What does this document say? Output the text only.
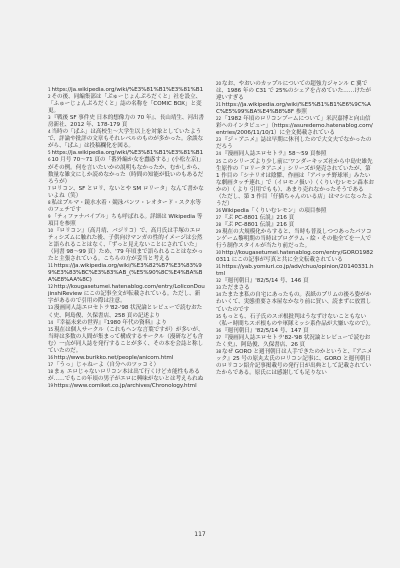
$^1$https://ja.wikipedia.org/wiki/%E3%81%B1%E3%81%B1

$^2$その後、同編集部は「ぷゅーじょんぷろだくと」社を設立、「ふゅーじょんぷろだくと」誌の名称を「COMIC BOX」と変更。

$^3$『戦後 SF 事件史 日本的想像力の 70 年』、長山靖生、河出書房新社、2012 年、178-179 頁

$^4$当時の「ぱふ」は高校生～大学生以上を対象としていたようで、評論や批評の文章もそれレベルのものが多かった。余談ながら、「ぱふ」は投稿欄化を図る。

$^5$https://ja.wikipedia.org/wiki/%E3%81%B1%E3%81%B1

$^6$10 月号 70〜71 頁の「番外編か女を蠢惑する」(小松左京)」がその例。何を言いたいかの説明もなかったか、むかしから、数量な雑文にしか読めなかった（時間の知能が低いのもあるだろうが）

$^7$ロリコン、SF とロリ、ないとや SM ロリータ」なんて書かないよね（笑）

$^8$私はプルマ・鏡水水着・競泳パンツ・レオタード・スク水等のフェチです

$^9$「ティファナバイブル」ちも呼ばれる。詳細は Wikipedia 等項目を参照

$^{10}$『ロリコン』（高月靖、バジリコ）で、高月氏は手塚のエロティシズムに触れた後、子供向けマンガの性的イメージは公然と語られることはなく、「ずっと見えないことにされていた」（同書 98〜99 頁）ため、'79 年頃まで語られることはなかったと主張されている。こちらの方が妥当と考える

$^{11}$https://ja.wikipedia.org/wiki/%E3%82%B7%E3%83%99%E3%83%BC%E3%83%AB_(%E5%90%8C%E4%BA%BA%E8%AA%8C)

$^{12}$http://kougasetumei.hatenablog.com/entry/LoliconDoujinshiReview にこの記事全文が転載されている。ただし、新字があるので引用の際は注意。

$^{13}$漫画同人誌エロセトラ'82-'98 状況論とレビューで読むおたく史、阿島俊、久保書店、258 頁の記述より

$^{14}$『幸福未来の世界』『1980 年代の資料』より

$^{15}$現在は個人サークル（これもヘンな言葉ですが）が多いが、当時は多数の人間が集まって構成するサークル（漫研なども含む）一点が同人誌を発行することが多く、その本を会誌と称していたのだ。

$^{16}$http://www.burikko.net/people/anicom.html

$^{17}$「うっ」じゃねーよ（自分へのツッコミ）

$^{18}$まぁ エロじゃないロリコン本は出て行くけどカ能性もあるが……でもこの年頃の男子がエロに興味がないとは考えられぬ

$^{19}$https://www.comiket.co.jp/archives/Chronology.html

$^{20}$なお、やおいのカップルについての超強力ジャンル C 翼では、1986 年の C31 で 25%のシェアを占めていた……けたが違いすぎる

$^{21}$https://ja.wikipedia.org/wiki/%E5%B1%B1%E6%9C%AC%E5%99%BA%E4%B8%8F 参照

$^{22}$「1982 年頃のロリコンブームについて」米沢嘉博と向山信彩へのインタビュー」（https://asuredemo.hatenablog.com/entries/2006/11/10/1）に全文掲載されている

$^{23}$『ジ・アニメ』誌は早期に休刊したので大文夫でなかったのだろう

$^{24}$『漫画同人誌エロセトラ』58〜59 頁参照

$^{25}$このシリーズより少し前に'ワンダーキッズ社から中島史雄先生原作の「ロリータアニメ」シリーズが発売されていたが、第 1 作目の「シナリオは陰鬱、作画は「アパッチ野球軍」みたいな劇画タッチ連れ」で（イロモノ扱い）（くりいむレモン森本おかの）（ より 引用でもも）、あまり売れなかったそうである（ただし、第 3 作目「仔猫ちゃんのいる店」はマシになったようだ）

$^{26}$Wikipedia「くりいむレモン」の項目参照

$^{27}$『ぷ PC-8801 伝説』216 頁

$^{28}$『ぷ PC-8801 伝説』216 頁

$^{29}$現在の大規模化からすると、当時も普及しつつあったパソコンゲーム黎明期の当時はプログラム・絵・その他全てを一人で行う制作スタイルが当たり前だった。

$^{30}$http://kougasetumei.hatenablog.com/entry/GORO19820311 にこの記事が写真と共に全文転載されている

$^{31}$https://yab.yomiuri.co.jp/adv/chuo/opinion/20140331.html

$^{32}$『週刊朝日』'82/5/14 号、146 頁

$^{33}$ただまさる

$^{34}$たまたま私の自宅にあったもの。表紙のプリムの後ろ姿がかわいくて、実態重要さ本屋なかなり前に買い、読まずに放置していたのです

$^{35}$もっとも、石子氏のスポ根批判はうなずけないこともない（私ー時間ちスポ根ものや軍隊ミッシ系作品が大嫌いなので）。

$^{36}$『週刊朝日』'82/5/14 号、147 頁

$^{37}$『漫画同人誌エロセトラ'82-'98 状況論とレビューで読むおたく史』、阿島俊、久保書店、26 頁

$^{38}$なぜ GORO と週刊朝日は人手できたのかというと、『アニメック』25 号の原丸太氏のロリコン記事に、GORO と週刊朝日のロリコン紹介記事掲載号の発行日が出典として記載されていたからである。原氏には感謝しても足りない

117
